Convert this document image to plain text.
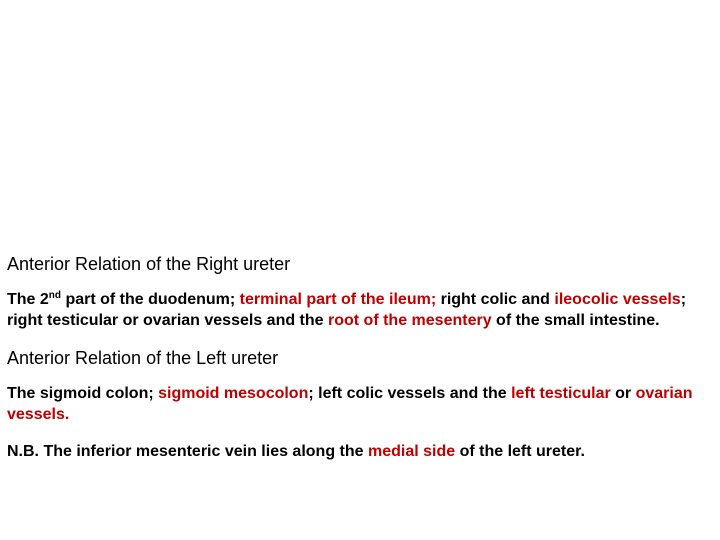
Anterior Relation of the Right ureter

The 2nd part of the duodenum; terminal part of the ileum; right colic and ileocolic vessels; right testicular or ovarian vessels and the root of the mesentery of the small intestine.

Anterior Relation of the Left ureter

The sigmoid colon; sigmoid mesocolon; left colic vessels and the left testicular or ovarian vessels.

N.B. The inferior mesenteric vein lies along the medial side of the left ureter.
